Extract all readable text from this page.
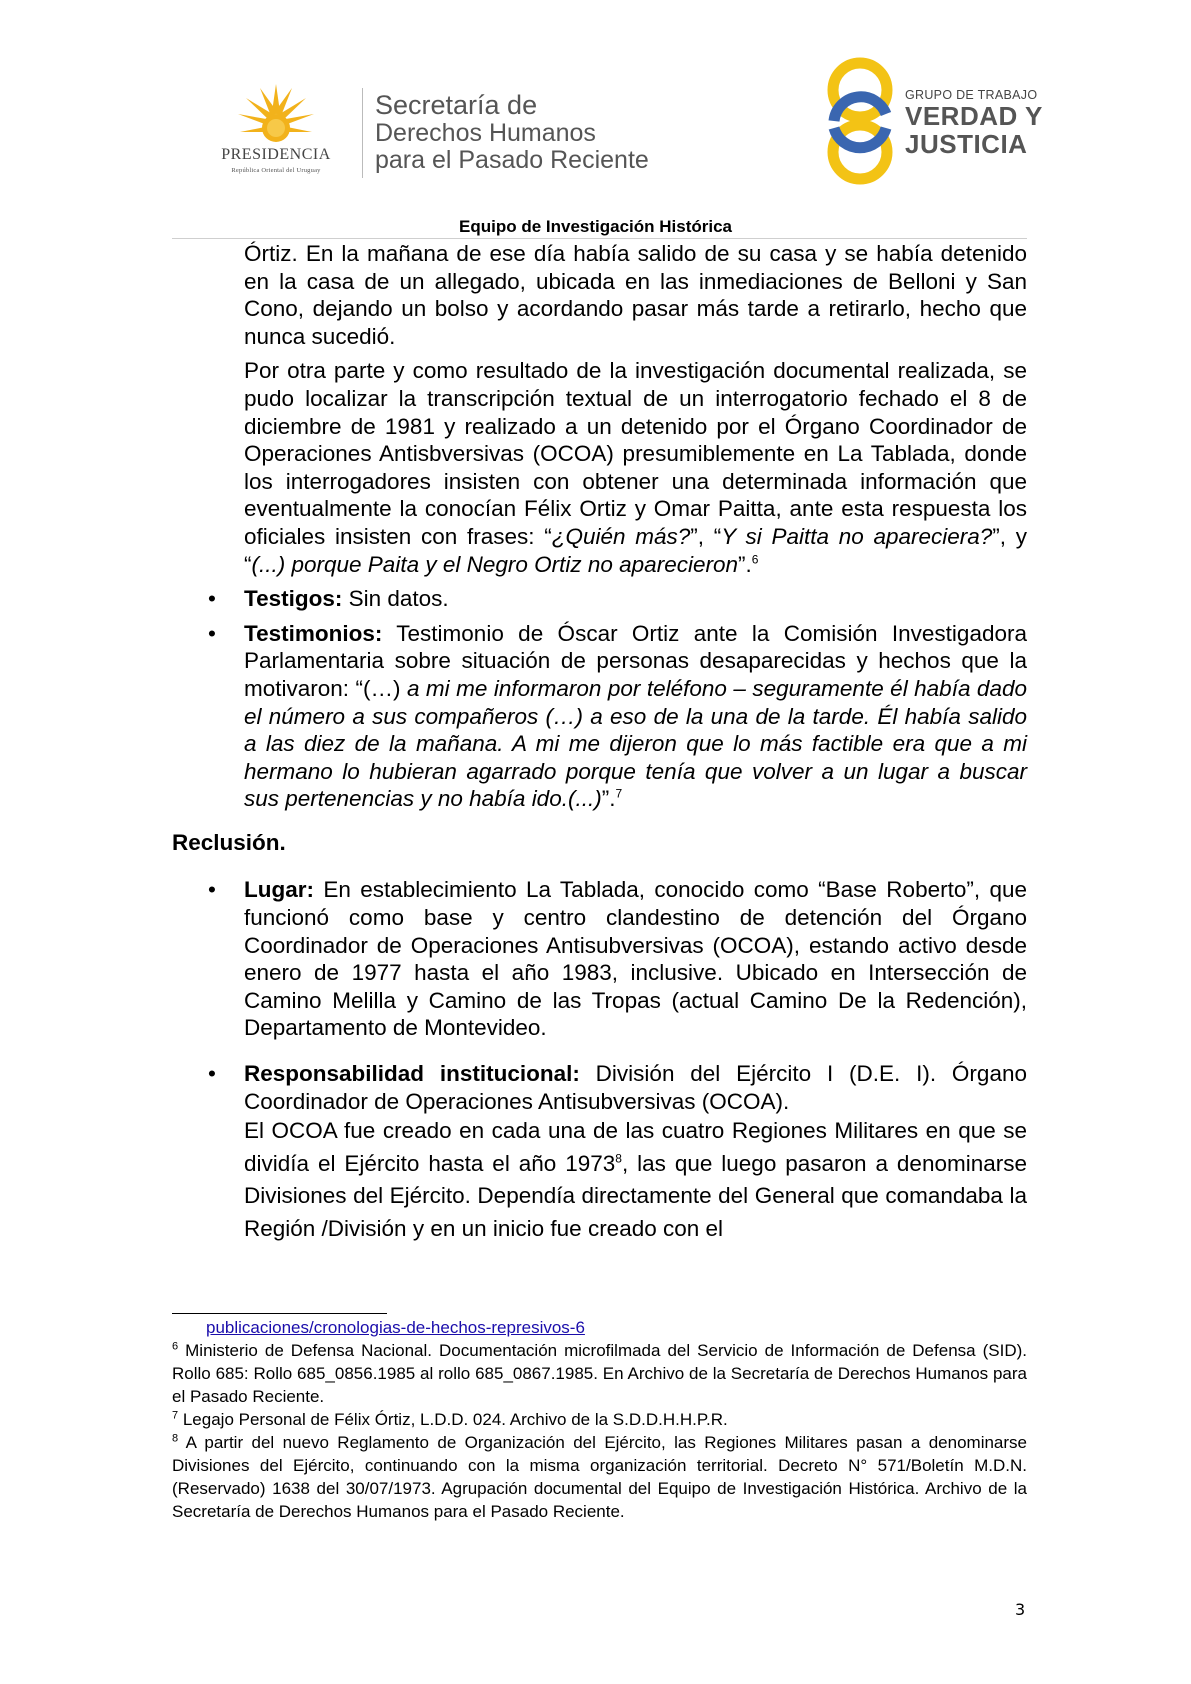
PRESIDENCIA
República Oriental del Uruguay
Secretaría de
Derechos Humanos
para el Pasado Reciente
GRUPO DE TRABAJO
VERDAD Y
JUSTICIA
Equipo de Investigación Histórica

Órtiz. En la mañana de ese día había salido de su casa y se había detenido en la casa de un allegado, ubicada en las inmediaciones de Belloni y San Cono, dejando un bolso y acordando pasar más tarde a retirarlo, hecho que nunca sucedió.

Por otra parte y como resultado de la investigación documental realizada, se pudo localizar la transcripción textual de un interrogatorio fechado el 8 de diciembre de 1981 y realizado a un detenido por el Órgano Coordinador de Operaciones Antisbversivas (OCOA) presumiblemente en La Tablada, donde los interrogadores insisten con obtener una determinada información que eventualmente la conocían Félix Ortiz y Omar Paitta, ante esta respuesta los oficiales insisten con frases: “¿Quién más?”, “Y si Paitta no apareciera?”, y “(...) porque Paita y el Negro Ortiz no aparecieron”.$^6$

• Testigos: Sin datos.
• Testimonios: Testimonio de Óscar Ortiz ante la Comisión Investigadora Parlamentaria sobre situación de personas desaparecidas y hechos que la motivaron: “(…) a mi me informaron por teléfono – seguramente él había dado el número a sus compañeros (…) a eso de la una de la tarde. Él había salido a las diez de la mañana. A mi me dijeron que lo más factible era que a mi hermano lo hubieran agarrado porque tenía que volver a un lugar a buscar sus pertenencias y no había ido.(...)”.$^7$
Reclusión.
• Lugar: En establecimiento La Tablada, conocido como “Base Roberto”, que funcionó como base y centro clandestino de detención del Órgano Coordinador de Operaciones Antisubversivas (OCOA), estando activo desde enero de 1977 hasta el año 1983, inclusive. Ubicado en Intersección de Camino Melilla y Camino de las Tropas (actual Camino De la Redención), Departamento de Montevideo.
• Responsabilidad institucional: División del Ejército I (D.E. I). Órgano Coordinador de Operaciones Antisubversivas (OCOA).

El OCOA fue creado en cada una de las cuatro Regiones Militares en que se dividía el Ejército hasta el año 1973$^8$, las que luego pasaron a denominarse Divisiones del Ejército. Dependía directamente del General que comandaba la Región /División y en un inicio fue creado con el

publicaciones/cronologias-de-hechos-represivos-6

$^6$ Ministerio de Defensa Nacional. Documentación microfilmada del Servicio de Información de Defensa (SID). Rollo 685: Rollo 685_0856.1985 al rollo 685_0867.1985. En Archivo de la Secretaría de Derechos Humanos para el Pasado Reciente.

$^7$ Legajo Personal de Félix Órtiz, L.D.D. 024. Archivo de la S.D.D.H.H.P.R.

$^8$ A partir del nuevo Reglamento de Organización del Ejército, las Regiones Militares pasan a denominarse Divisiones del Ejército, continuando con la misma organización territorial. Decreto N° 571/Boletín M.D.N. (Reservado) 1638 del 30/07/1973. Agrupación documental del Equipo de Investigación Histórica. Archivo de la Secretaría de Derechos Humanos para el Pasado Reciente.

3
